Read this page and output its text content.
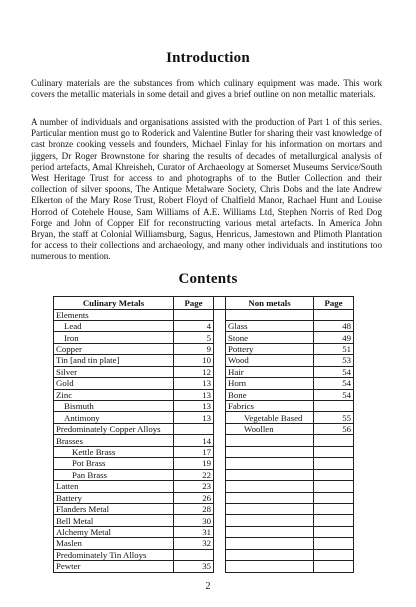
Introduction
Culinary materials are the substances from which culinary equipment was made. This work covers the metallic materials in some detail and gives a brief outline on non metallic materials.
A number of individuals and organisations assisted with the production of Part 1 of this series. Particular mention must go to Roderick and Valentine Butler for sharing their vast knowledge of cast bronze cooking vessels and founders, Michael Finlay for his information on mortars and jiggers, Dr Roger Brownstone for sharing the results of decades of metallurgical analysis of period artefacts, Amal Khreisheh, Curator of Archaeology at Somerset Museums Service/South West Heritage Trust for access to and photographs of to the Butler Collection and their collection of silver spoons, The Antique Metalware Society, Chris Dobs and the late Andrew Elkerton of the Mary Rose Trust, Robert Floyd of Chalfield Manor, Rachael Hunt and Louise Horrod of Cotehele House, Sam Williams of A.E. Williams Ltd, Stephen Norris of Red Dog Forge and John of Copper Elf for reconstructing various metal artefacts. In America John Bryan, the staff at Colonial Williamsburg, Sagus, Henricus, Jamestown and Plimoth Plantation for access to their collections and archaeology, and many other individuals and institutions too numerous to mention.
Contents
Culinary Metals	Page		Non metals	Page
Elements				
Lead	4		Glass	48
Iron	5		Stone	49
Copper	9		Pottery	51
Tin [and tin plate]	10		Wood	53
Silver	12		Hair	54
Gold	13		Horn	54
Zinc	13		Bone	54
Bismuth	13		Fabrics	
Antimony	13		Vegetable Based	55
Predominately Copper Alloys			Woollen	56
Brasses	14			
Kettle Brass	17			
Pot Brass	19			
Pan Brass	22			
Latten	23			
Battery	26			
Flanders Metal	28			
Bell Metal	30			
Alchemy Metal	31			
Maslen	32			
Predominately Tin Alloys				
Pewter	35			
2
